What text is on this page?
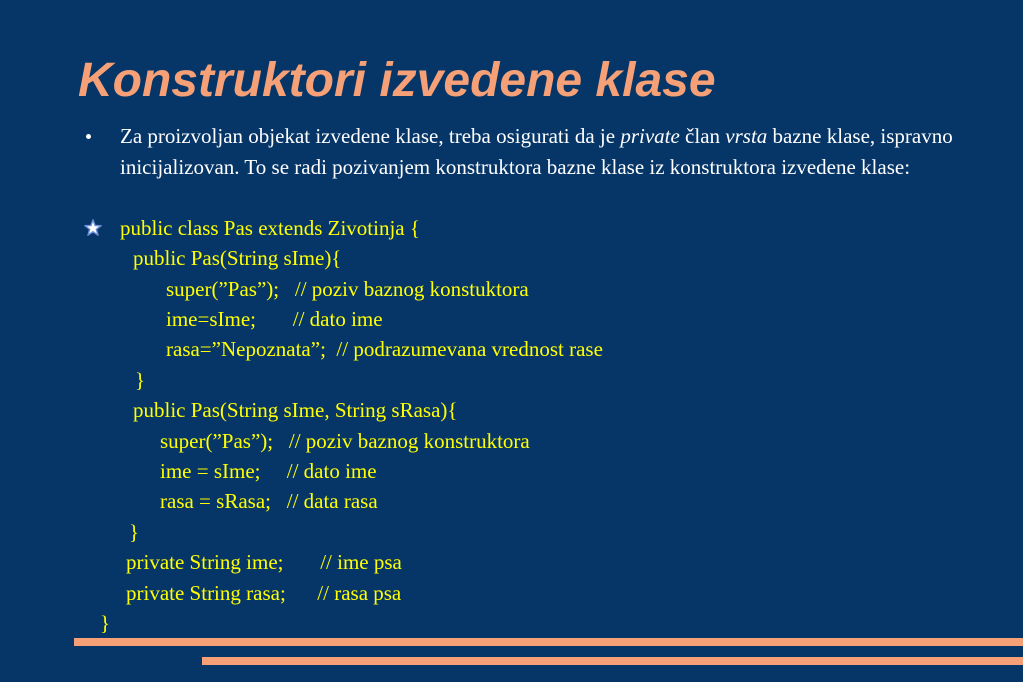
Konstruktori izvedene klase

Za proizvoljan objekat izvedene klase, treba osigurati da je private član vrsta bazne klase, ispravno inicijalizovan. To se radi pozivanjem konstruktora bazne klase iz konstruktora izvedene klase:

public class Pas extends Zivotinja {

public Pas(String sIme){

super(”Pas”);   // poziv baznog konstuktora

ime=sIme;       // dato ime

rasa=”Nepoznata”;  // podrazumevana vrednost rase

}

public Pas(String sIme, String sRasa){

super(”Pas”);   // poziv baznog konstruktora

ime = sIme;     // dato ime

rasa = sRasa;   // data rasa

}

private String ime;       // ime psa

private String rasa;      // rasa psa

}
